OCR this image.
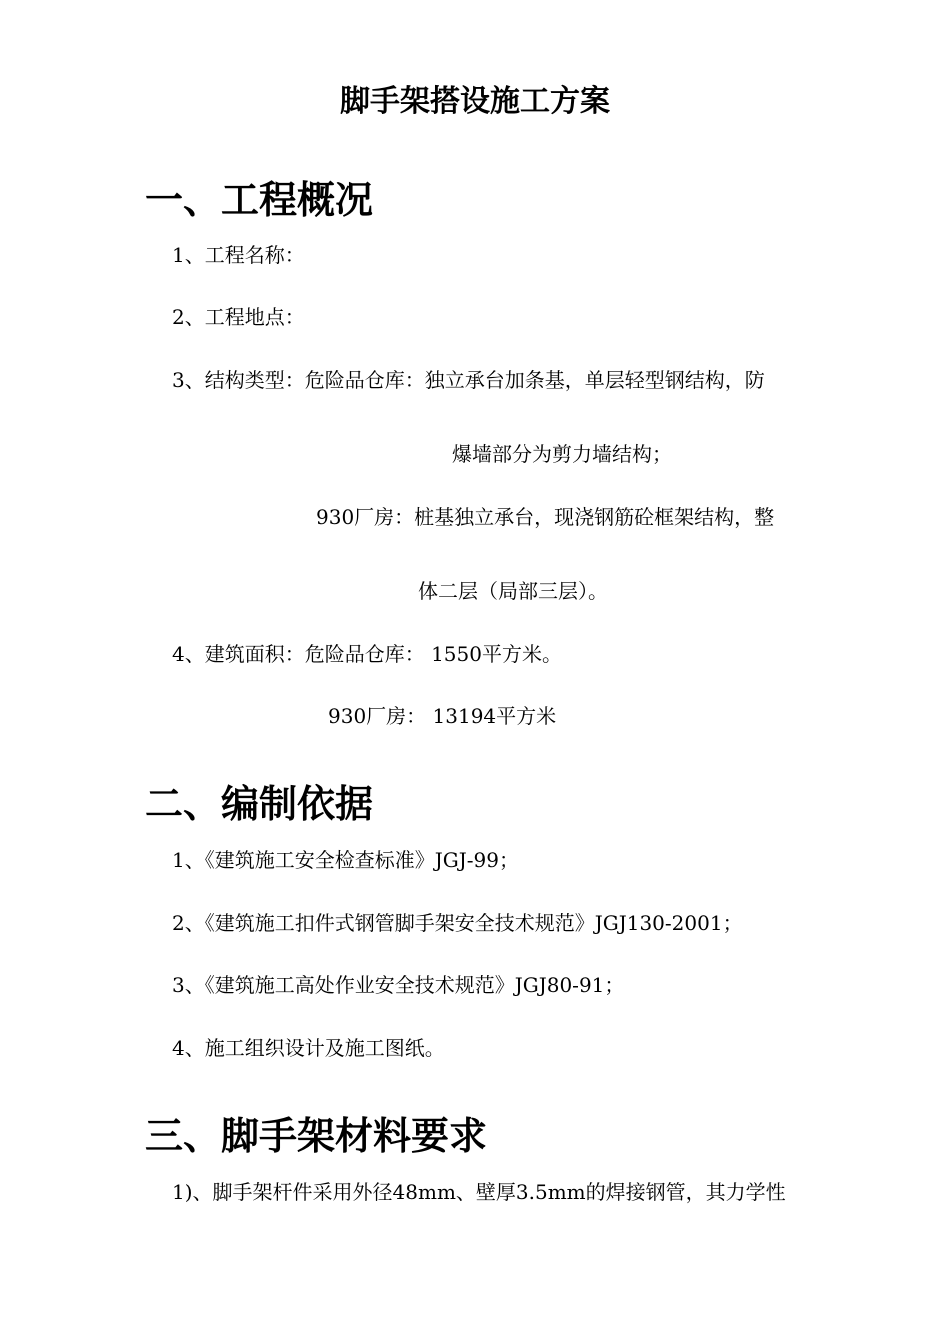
脚手架搭设施工方案
一、工程概况
1、工程名称：
2、工程地点：
3、结构类型：危险品仓库：独立承台加条基，单层轻型钢结构，防
爆墙部分为剪力墙结构；
930厂房：桩基独立承台，现浇钢筋砼框架结构，整
体二层（局部三层）。
4、建筑面积：危险品仓库： 1550平方米。
930厂房： 13194平方米
二、编制依据
1、《建筑施工安全检查标准》JGJ-99；
2、《建筑施工扣件式钢管脚手架安全技术规范》JGJ130-2001；
3、《建筑施工高处作业安全技术规范》JGJ80-91；
4、施工组织设计及施工图纸。
三、脚手架材料要求
1)、脚手架杆件采用外径48mm、壁厚3.5mm的焊接钢管，其力学性
